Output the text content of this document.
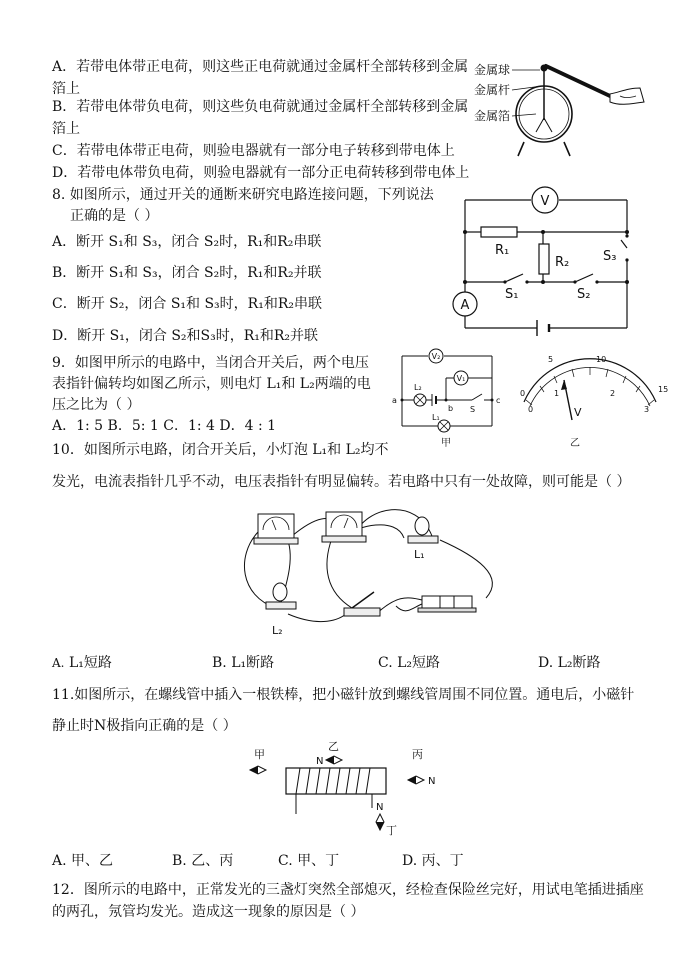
A．若带电体带正电荷，则这些正电荷就通过金属杆全部转移到金属
箔上
B．若带电体带负电荷，则这些负电荷就通过金属杆全部转移到金属
箔上
C．若带电体带正电荷，则验电器就有一部分电子转移到带电体上
D．若带电体带负电荷，则验电器就有一部分正电荷转移到带电体上
金属球
金属杆
金属箔
8. 如图所示，通过开关的通断来研究电路连接问题，下列说法
正确的是（ ）
A．断开 S₁和 S₃，闭合 S₂时，R₁和R₂串联
B．断开 S₁和 S₃，闭合 S₂时，R₁和R₂并联
C．断开 S₂，闭合 S₁和 S₃时，R₁和R₂串联
D．断开 S₁，闭合 S₂和S₃时，R₁和R₂并联
V
A
R₁
R₂
S₁	S₂
S₃
9．如图甲所示的电路中，当闭合开关后，两个电压
表指针偏转均如图乙所示，则电灯 L₁和 L₂两端的电
压之比为（ ）
A．1: 5 B．5: 1 C．1: 4 D．4 : 1
V₂
V₁
L₂
L₁
a
b
c
S
甲
0
5	10
15
0
1	2
3
V
乙
10．如图所示电路，闭合开关后，小灯泡 L₁和 L₂均不
发光，电流表指针几乎不动，电压表指针有明显偏转。若电路中只有一处故障，则可能是（ ）
L₁
L₂
A. L₁短路	B. L₁断路	C. L₂短路	D. L₂断路
11.如图所示，在螺线管中插入一根铁棒，把小磁针放到螺线管周围不同位置。通电后，小磁针
静止时N极指向正确的是（ ）
甲
乙
N
丙
N
N
丁
A. 甲、乙	B. 乙、丙	C. 甲、丁	D. 丙、丁
12．图所示的电路中，正常发光的三盏灯突然全部熄灭，经检查保险丝完好，用试电笔插进插座
的两孔，氖管均发光。造成这一现象的原因是（ ）
